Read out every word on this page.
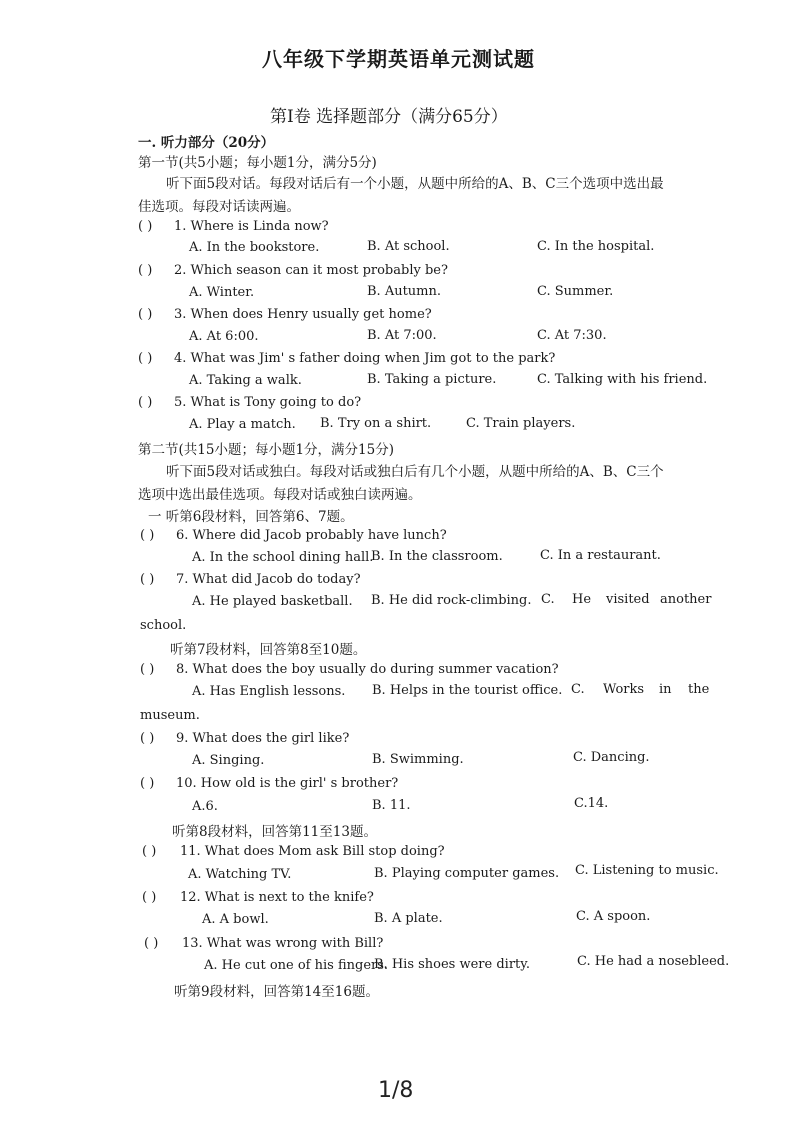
八年级下学期英语单元测试题
第Ⅰ卷 选择题部分（满分65分）
一. 听力部分（20分）
第一节(共5小题；每小题1分，满分5分)
听下面5段对话。每段对话后有一个小题，从题中所给的A、B、C三个选项中选出最
佳选项。每段对话读两遍。
( ) 1. Where is Linda now?
A. In the bookstore.	B. At school.	C. In the hospital.
( ) 2. Which season can it most probably be?
A. Winter.	B. Autumn.	C. Summer.
( ) 3. When does Henry usually get home?
A. At 6:00.	B. At 7:00.	C. At 7:30.
( ) 4. What was Jim' s father doing when Jim got to the park?
A. Taking a walk.	B. Taking a picture.	C. Talking with his friend.
( ) 5. What is Tony going to do?
A. Play a match. B. Try on a shirt.	C. Train players.
第二节(共15小题；每小题1分，满分15分)
听下面5段对话或独白。每段对话或独白后有几个小题，从题中所给的A、B、C三个
选项中选出最佳选项。每段对话或独白读两遍。
一 听第6段材料，回答第6、7题。
( ) 6. Where did Jacob probably have lunch?
A. In the school dining hall.
B. In the classroom.	C. In a restaurant.
( ) 7. What did Jacob do today?
A. He played basketball. B. He did rock-climbing. C. He visited another
school.
听第7段材料，回答第8至10题。
( ) 8. What does the boy usually do during summer vacation?
A. Has English lessons. B. Helps in the tourist office. C. Works in the
museum.
( ) 9. What does the girl like?
A. Singing.	B. Swimming.	C. Dancing.
( ) 10. How old is the girl' s brother?
A.6.	B. 11.	C.14.
听第8段材料，回答第11至13题。
( ) 11. What does Mom ask Bill stop doing?
A. Watching TV.	B. Playing computer games. C. Listening to music.
( ) 12. What is next to the knife?
A. A bowl.	B. A plate.	C. A spoon.
( ) 13. What was wrong with Bill?
A. He cut one of his fingers.
B. His shoes were dirty.	C. He had a nosebleed.
听第9段材料，回答第14至16题。
1/8
